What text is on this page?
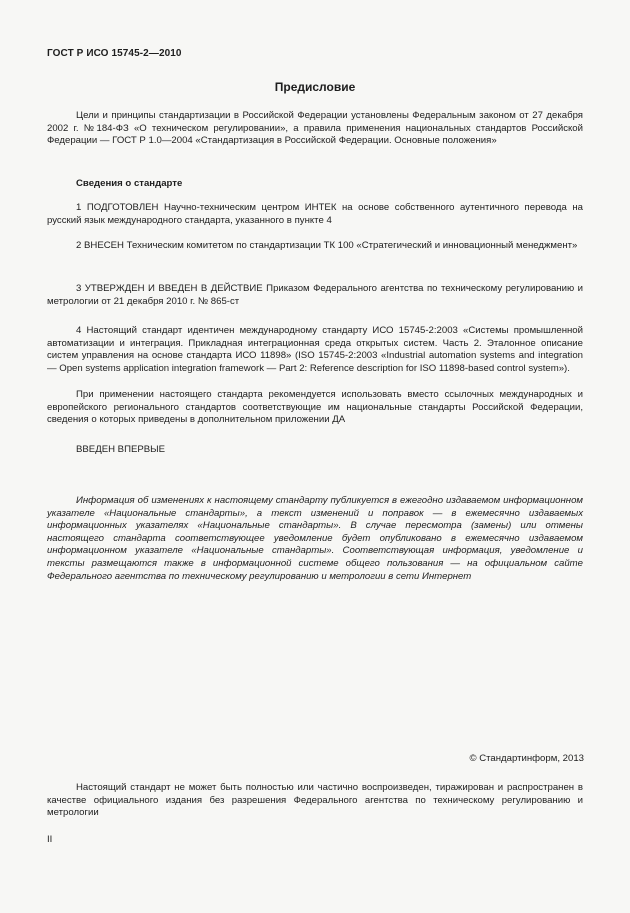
ГОСТ Р ИСО 15745-2—2010
Предисловие

Цели и принципы стандартизации в Российской Федерации установлены Федеральным законом от 27 декабря 2002 г. №184-ФЗ «О техническом регулировании», а правила применения национальных стандартов Российской Федерации — ГОСТ Р 1.0—2004 «Стандартизация в Российской Федерации. Основные положения»

Сведения о стандарте

1 ПОДГОТОВЛЕН Научно-техническим центром ИНТЕК на основе собственного аутентичного перевода на русский язык международного стандарта, указанного в пункте 4

2 ВНЕСЕН Техническим комитетом по стандартизации ТК 100 «Стратегический и инновационный менеджмент»

3 УТВЕРЖДЕН И ВВЕДЕН В ДЕЙСТВИЕ Приказом Федерального агентства по техническому регулированию и метрологии от 21 декабря 2010 г. № 865-ст

4 Настоящий стандарт идентичен международному стандарту ИСО 15745-2:2003 «Системы промышленной автоматизации и интеграция. Прикладная интеграционная среда открытых систем. Часть 2. Эталонное описание систем управления на основе стандарта ИСО 11898» (ISO 15745-2:2003 «Industrial automation systems and integration — Open systems application integration framework — Part 2: Reference description for ISO 11898-based control system»).

При применении настоящего стандарта рекомендуется использовать вместо ссылочных международных и европейского регионального стандартов соответствующие им национальные стандарты Российской Федерации, сведения о которых приведены в дополнительном приложении ДА

ВВЕДЕН ВПЕРВЫЕ

Информация об изменениях к настоящему стандарту публикуется в ежегодно издаваемом информационном указателе «Национальные стандарты», а текст изменений и поправок — в ежемесячно издаваемых информационных указателях «Национальные стандарты». В случае пересмотра (замены) или отмены настоящего стандарта соответствующее уведомление будет опубликовано в ежемесячно издаваемом информационном указателе «Национальные стандарты». Соответствующая информация, уведомление и тексты размещаются также в информационной системе общего пользования — на официальном сайте Федерального агентства по техническому регулированию и метрологии в сети Интернет

© Стандартинформ, 2013

Настоящий стандарт не может быть полностью или частично воспроизведен, тиражирован и распространен в качестве официального издания без разрешения Федерального агентства по техническому регулированию и метрологии

II
